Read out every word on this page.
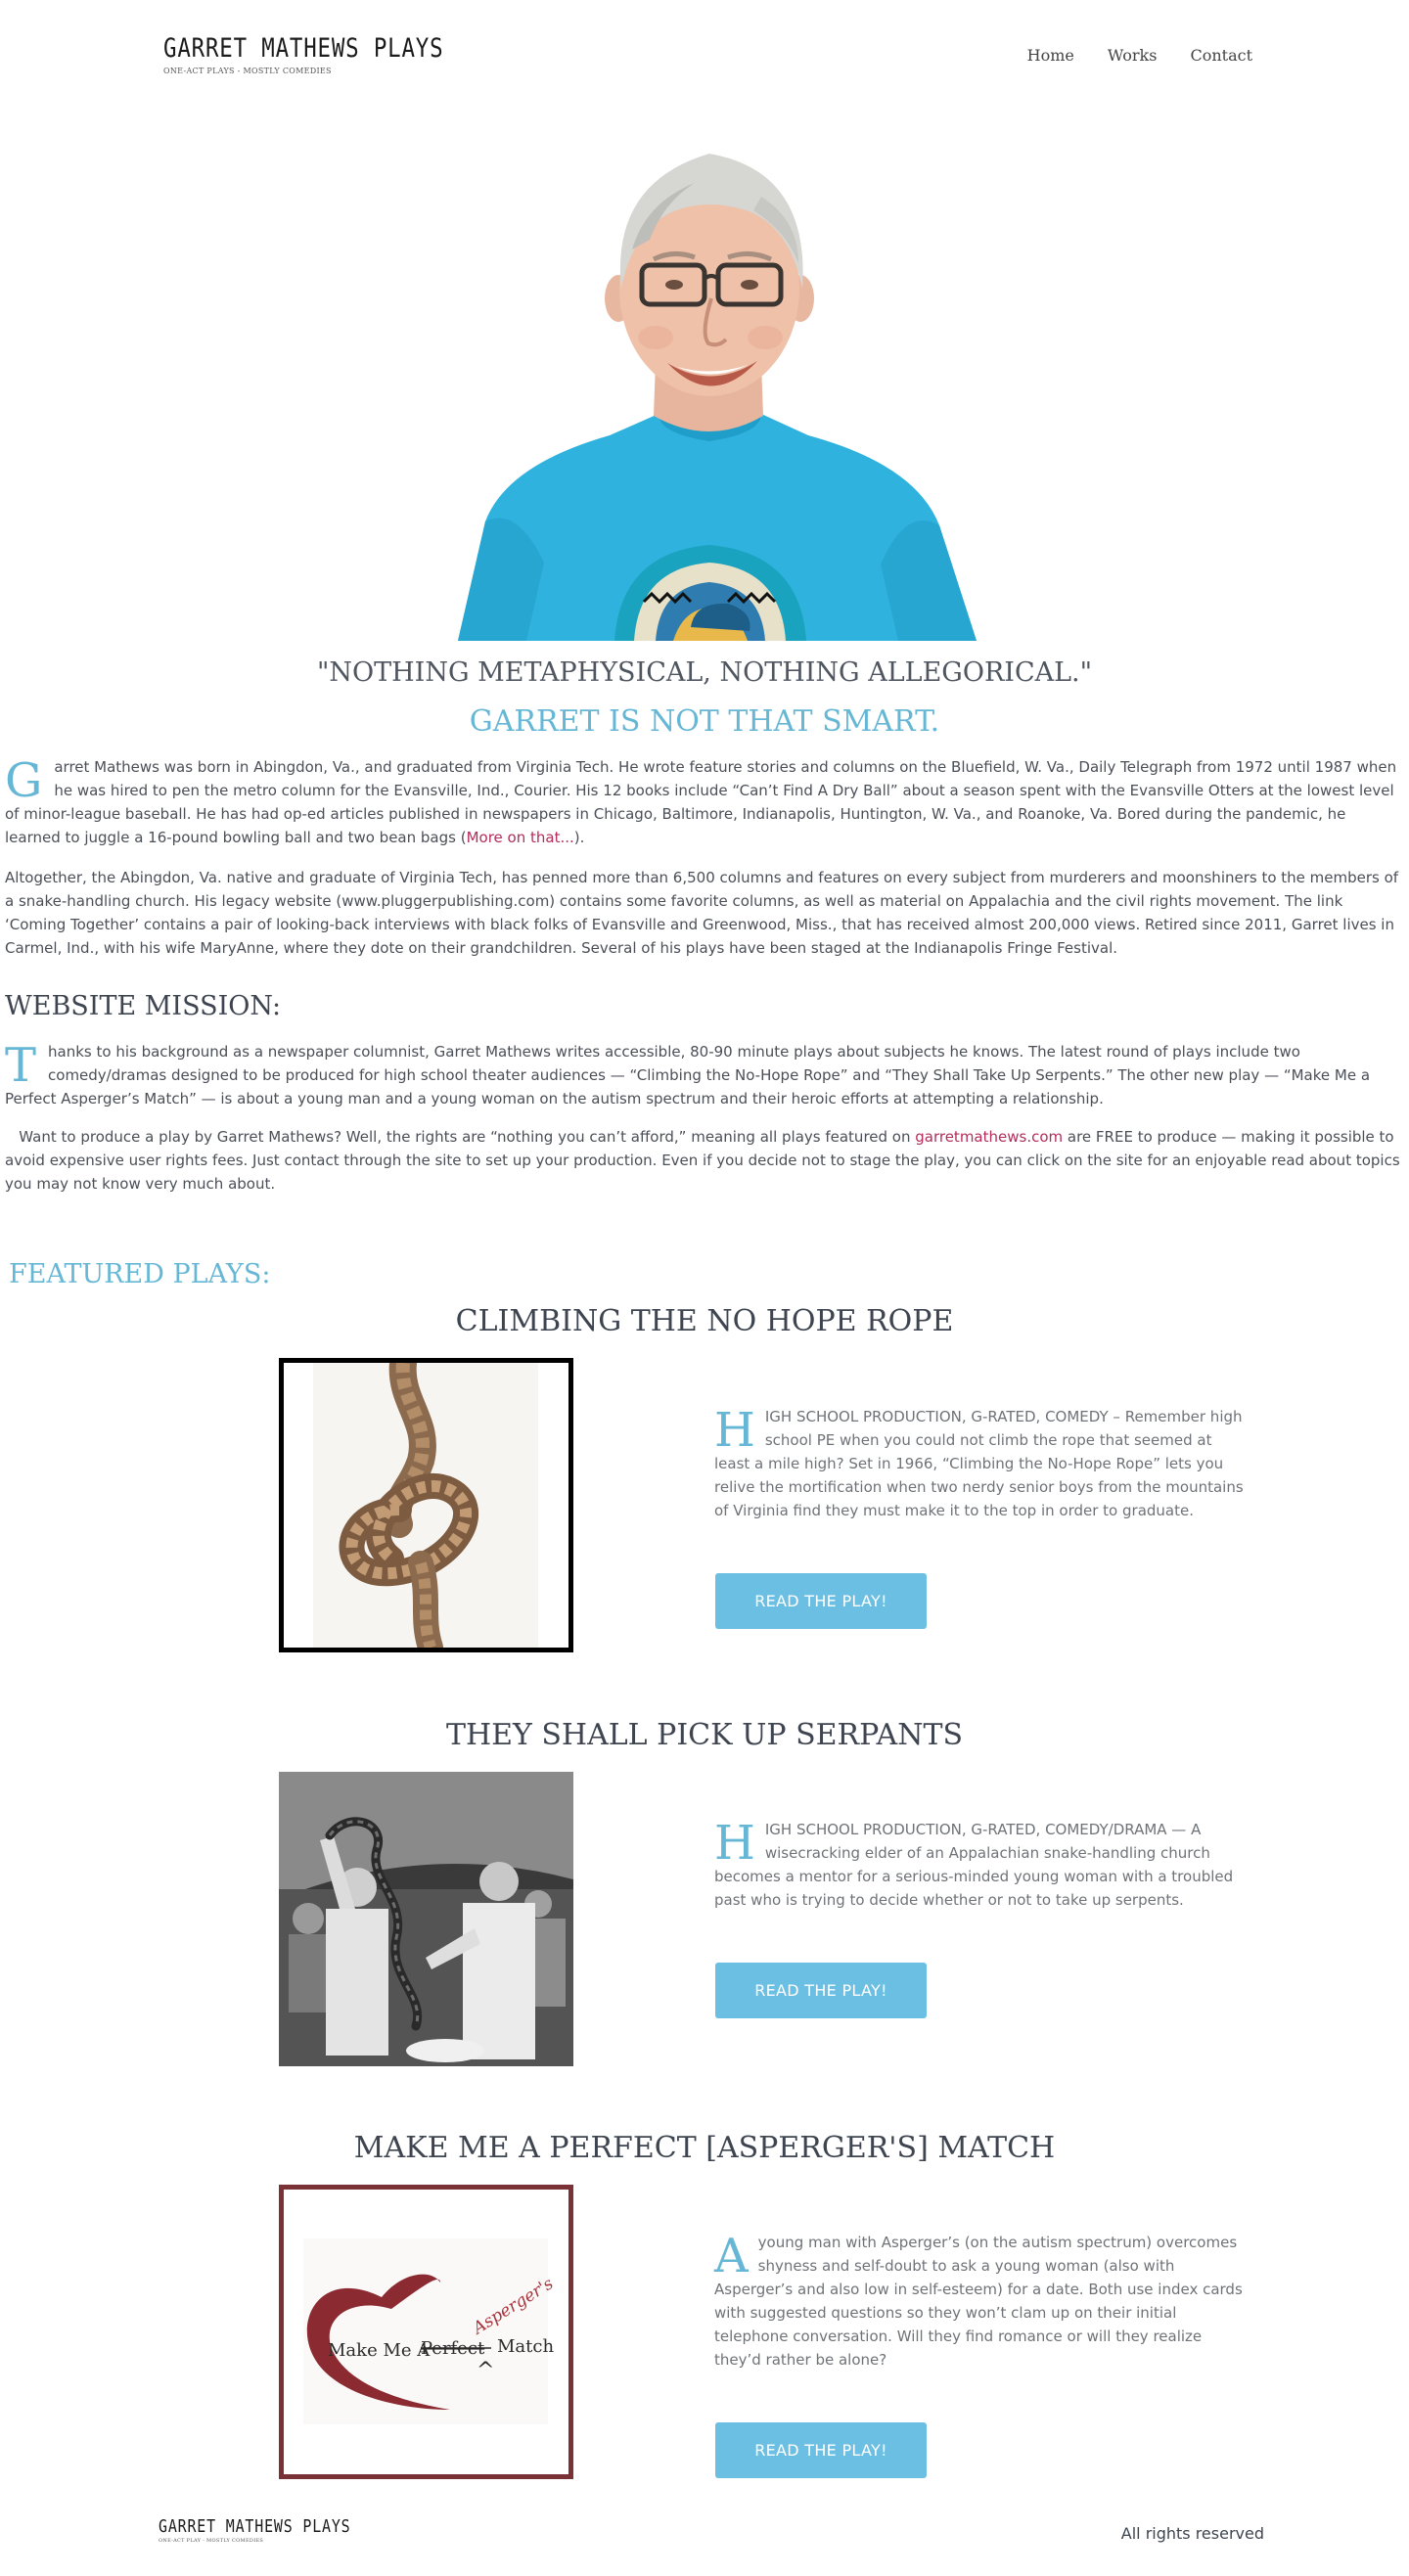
GARRET MATHEWS PLAYS
ONE-ACT PLAYS - MOSTLY COMEDIES
Home Works Contact
"NOTHING METAPHYSICAL, NOTHING ALLEGORICAL."
GARRET IS NOT THAT SMART.
Garret Mathews was born in Abingdon, Va., and graduated from Virginia Tech. He wrote feature stories and columns on the Bluefield, W. Va., Daily Telegraph from 1972 until 1987 when he was hired to pen the metro column for the Evansville, Ind., Courier. His 12 books include “Can’t Find A Dry Ball” about a season spent with the Evansville Otters at the lowest level of minor-league baseball. He has had op-ed articles published in newspapers in Chicago, Baltimore, Indianapolis, Huntington, W. Va., and Roanoke, Va. Bored during the pandemic, he learned to juggle a 16-pound bowling ball and two bean bags (More on that...).
Altogether, the Abingdon, Va. native and graduate of Virginia Tech, has penned more than 6,500 columns and features on every subject from murderers and moonshiners to the members of a snake-handling church. His legacy website (www.pluggerpublishing.com) contains some favorite columns, as well as material on Appalachia and the civil rights movement. The link ‘Coming Together’ contains a pair of looking-back interviews with black folks of Evansville and Greenwood, Miss., that has received almost 200,000 views. Retired since 2011, Garret lives in Carmel, Ind., with his wife MaryAnne, where they dote on their grandchildren. Several of his plays have been staged at the Indianapolis Fringe Festival.
WEBSITE MISSION:
Thanks to his background as a newspaper columnist, Garret Mathews writes accessible, 80-90 minute plays about subjects he knows. The latest round of plays include two comedy/dramas designed to be produced for high school theater audiences — “Climbing the No-Hope Rope” and “They Shall Take Up Serpents.” The other new play — “Make Me a Perfect Asperger’s Match” — is about a young man and a young woman on the autism spectrum and their heroic efforts at attempting a relationship.
Want to produce a play by Garret Mathews? Well, the rights are “nothing you can’t afford,” meaning all plays featured on garretmathews.com are FREE to produce — making it possible to avoid expensive user rights fees. Just contact through the site to set up your production. Even if you decide not to stage the play, you can click on the site for an enjoyable read about topics you may not know very much about.
FEATURED PLAYS:
CLIMBING THE NO HOPE ROPE
HIGH SCHOOL PRODUCTION, G-RATED, COMEDY – Remember high school PE when you could not climb the rope that seemed at least a mile high? Set in 1966, “Climbing the No-Hope Rope” lets you relive the mortification when two nerdy senior boys from the mountains of Virginia find they must make it to the top in order to graduate.
READ THE PLAY!
THEY SHALL PICK UP SERPANTS
HIGH SCHOOL PRODUCTION, G-RATED, COMEDY/DRAMA — A wisecracking elder of an Appalachian snake-handling church becomes a mentor for a serious-minded young woman with a troubled past who is trying to decide whether or not to take up serpents.
READ THE PLAY!
MAKE ME A PERFECT [ASPERGER'S] MATCH
Make Me A
Perfect Match
Asperger's
^
Ayoung man with Asperger’s (on the autism spectrum) overcomes shyness and self-doubt to ask a young woman (also with Asperger’s and also low in self-esteem) for a date. Both use index cards with suggested questions so they won’t clam up on their initial telephone conversation. Will they find romance or will they realize they’d rather be alone?
READ THE PLAY!
GARRET MATHEWS PLAYS
ONE-ACT PLAY - MOSTLY COMEDIES	All rights reserved
